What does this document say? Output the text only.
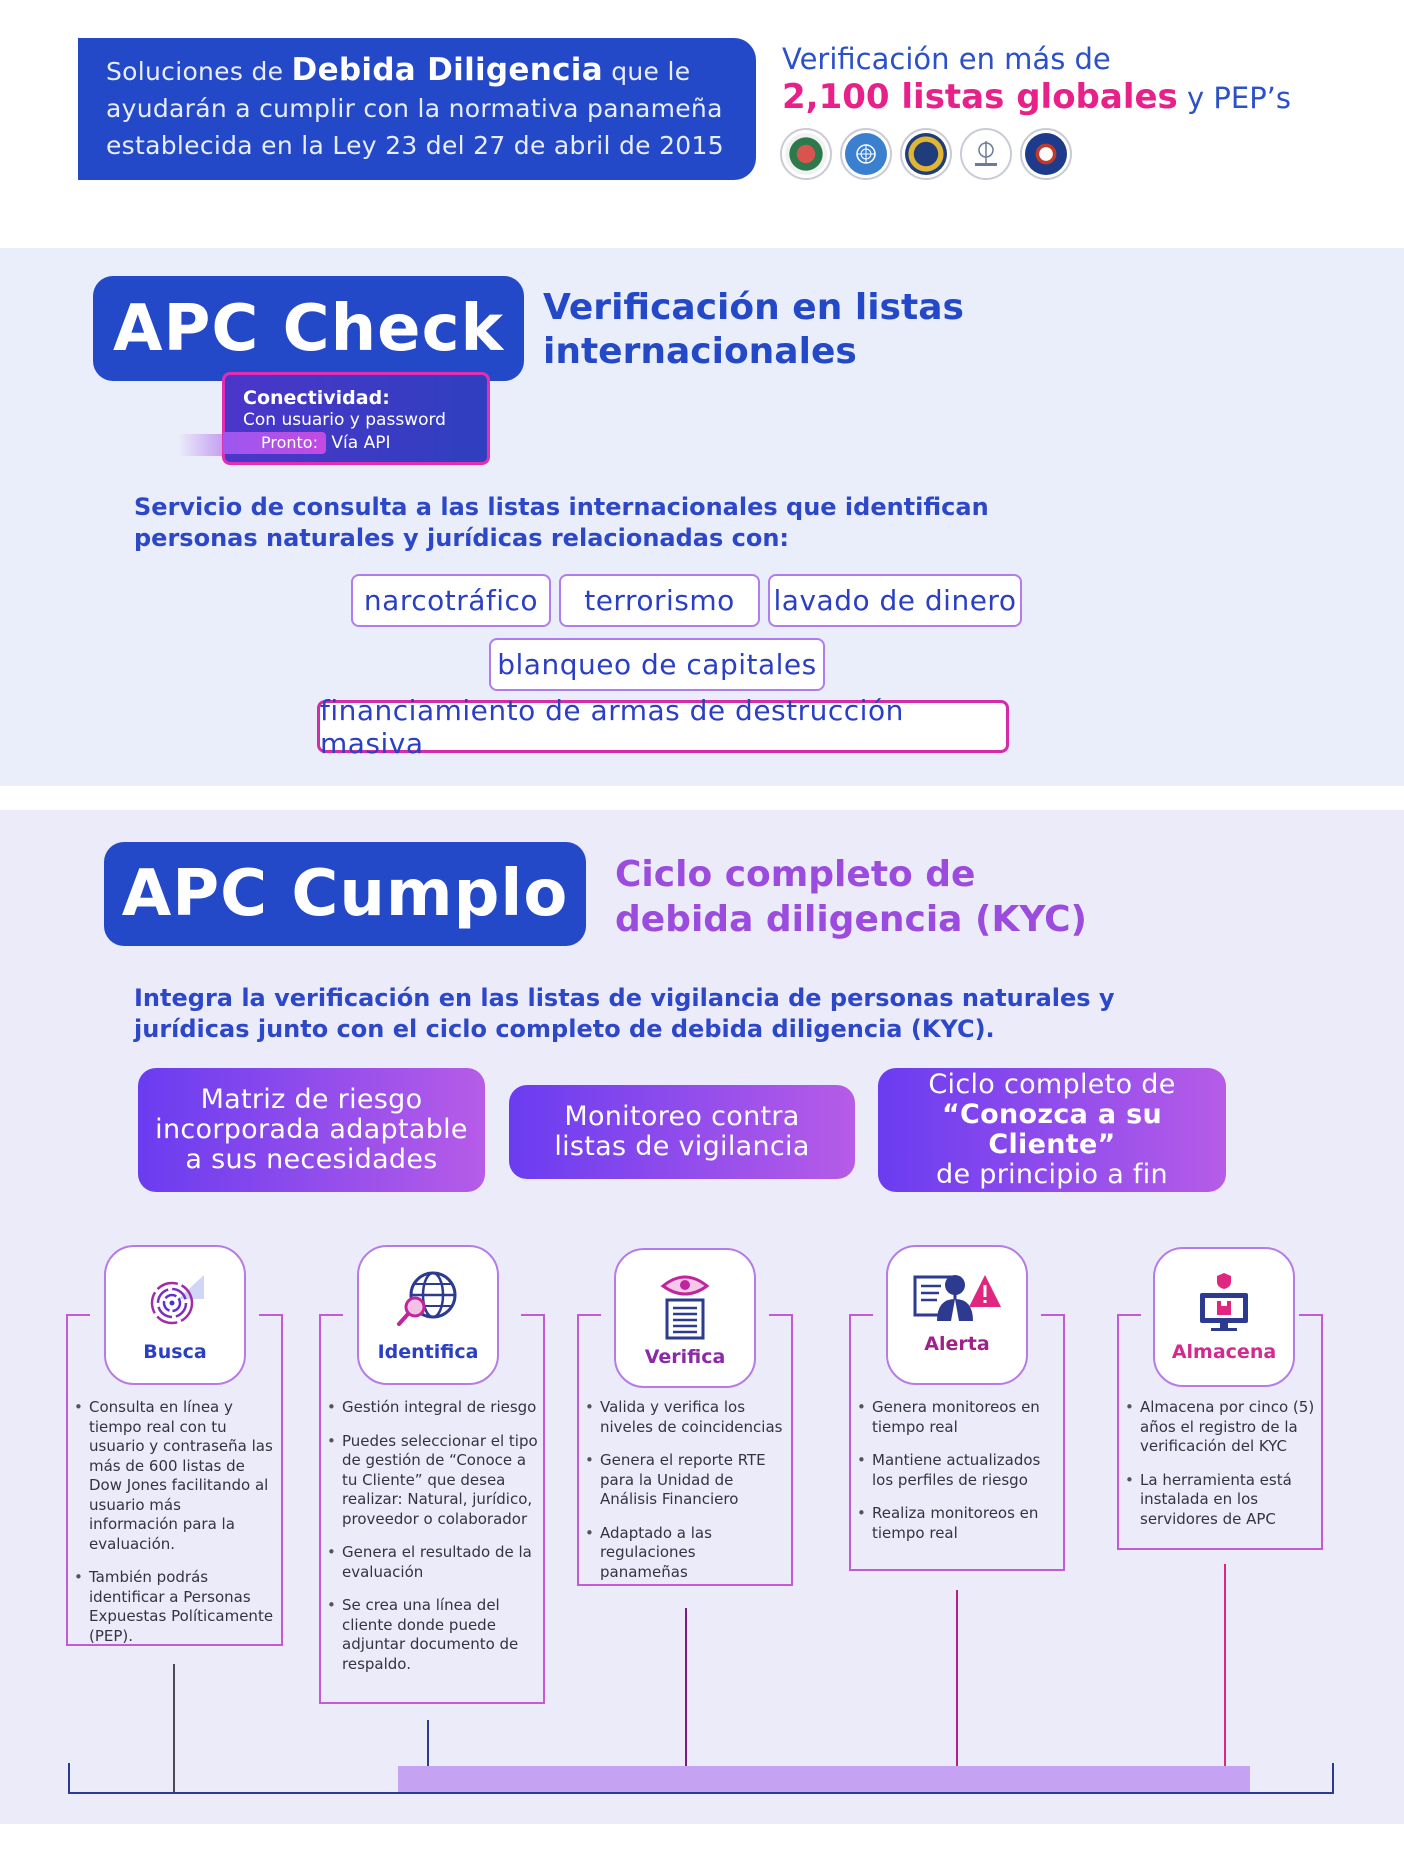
Soluciones de Debida Diligencia que le ayudarán a cumplir con la normativa panameña establecida en la Ley 23 del 27 de abril de 2015
Verificación en más de
2,100 listas globales y PEP’s
APC Check	Verificación en listas internacionales
Conectividad:
Con usuario y password
Pronto: Vía API
Servicio de consulta a las listas internacionales que identifican personas naturales y jurídicas relacionadas con:
narcotráfico	terrorismo	lavado de dinero
blanqueo de capitales
financiamiento de armas de destrucción masiva
APC Cumplo	Ciclo completo de debida diligencia (KYC)
Integra la verificación en las listas de vigilancia de personas naturales y jurídicas junto con el ciclo completo de debida diligencia (KYC).
Matriz de riesgo
incorporada adaptable
a sus necesidades
Monitoreo contra
listas de vigilancia
Ciclo completo de
“Conozca a su Cliente”
de principio a fin
Busca
• Consulta en línea y tiempo real con tu usuario y contraseña las más de 600 listas de Dow Jones facilitando al usuario más información para la evaluación.
• También podrás identificar a Personas Expuestas Políticamente (PEP).
Identifica
• Gestión integral de riesgo
• Puedes seleccionar el tipo de gestión de “Conoce a tu Cliente” que desea realizar: Natural, jurídico, proveedor o colaborador
• Genera el resultado de la evaluación
• Se crea una línea del cliente donde puede adjuntar documento de respaldo.
Verifica
• Valida y verifica los niveles de coincidencias
• Genera el reporte RTE para la Unidad de Análisis Financiero
• Adaptado a las regulaciones panameñas
Alerta
• Genera monitoreos en tiempo real
• Mantiene actualizados los perfiles de riesgo
• Realiza monitoreos en tiempo real
Almacena
• Almacena por cinco (5) años el registro de la verificación del KYC
• La herramienta está instalada en los servidores de APC
